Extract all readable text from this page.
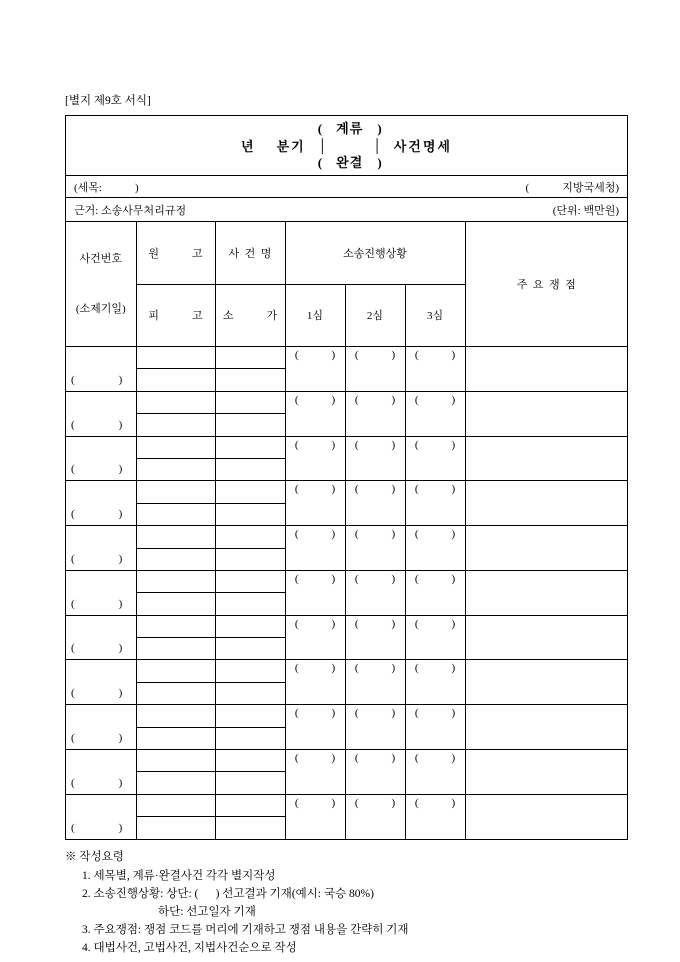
[별지 제9호 서식]
년    분기
( 계류 )
│	│
( 완결 )
사건명세
(세목:            )	(            지방국세청)
근거: 소송사무처리규정	(단위: 백만원)

사건번호

(소제기일)	원            고	사  건  명	소송진행상황			주  요  쟁  점
	피            고	소            가	1심	2심	3심	
(                )			(            )	(            )	(            )	

(                )			(            )	(            )	(            )	

(                )			(            )	(            )	(            )	

(                )			(            )	(            )	(            )	

(                )			(            )	(            )	(            )	

(                )			(            )	(            )	(            )	

(                )			(            )	(            )	(            )	

(                )			(            )	(            )	(            )	

(                )			(            )	(            )	(            )	

(                )			(            )	(            )	(            )	

(                )			(            )	(            )	(            )	

※ 작성요령
1. 세목별, 계류·완결사건 각각 별지작성
2. 소송진행상황: 상단: (      ) 선고결과 기재(예시: 국승 80%)
하단: 선고일자 기재
3. 주요쟁점: 쟁점 코드를 머리에 기재하고 쟁점 내용을 간략히 기재
4. 대법사건, 고법사건, 지법사건순으로 작성
